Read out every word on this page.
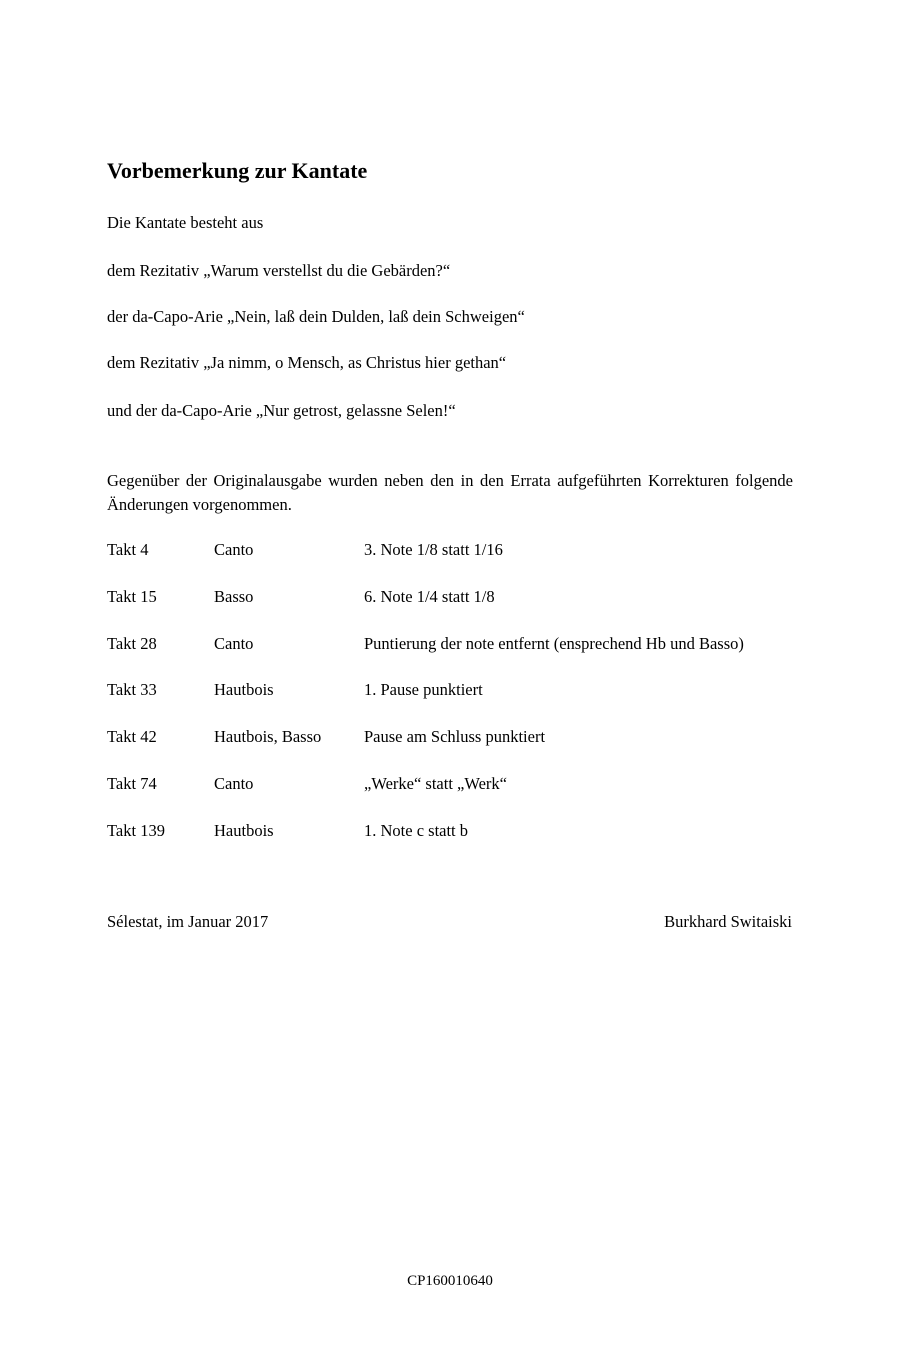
Vorbemerkung zur Kantate
Die Kantate besteht aus
dem Rezitativ „Warum verstellst du die Gebärden?“
der da-Capo-Arie „Nein, laß dein Dulden, laß dein Schweigen“
dem Rezitativ „Ja nimm, o Mensch, as Christus hier gethan“
und der da-Capo-Arie „Nur getrost, gelassne Selen!“

Gegenüber der Originalausgabe wurden neben den in den Errata aufgeführten Korrekturen folgende Änderungen vorgenommen.

Takt 4	Canto	3. Note 1/8 statt 1/16
Takt 15	Basso	6. Note 1/4 statt 1/8
Takt 28	Canto	Puntierung der note entfernt (ensprechend Hb und Basso)
Takt 33	Hautbois	1. Pause punktiert
Takt 42	Hautbois, Basso	Pause am Schluss punktiert
Takt 74	Canto	„Werke“ statt „Werk“
Takt 139	Hautbois	1. Note c statt b
Sélestat, im Januar 2017	Burkhard Switaiski
CP160010640
